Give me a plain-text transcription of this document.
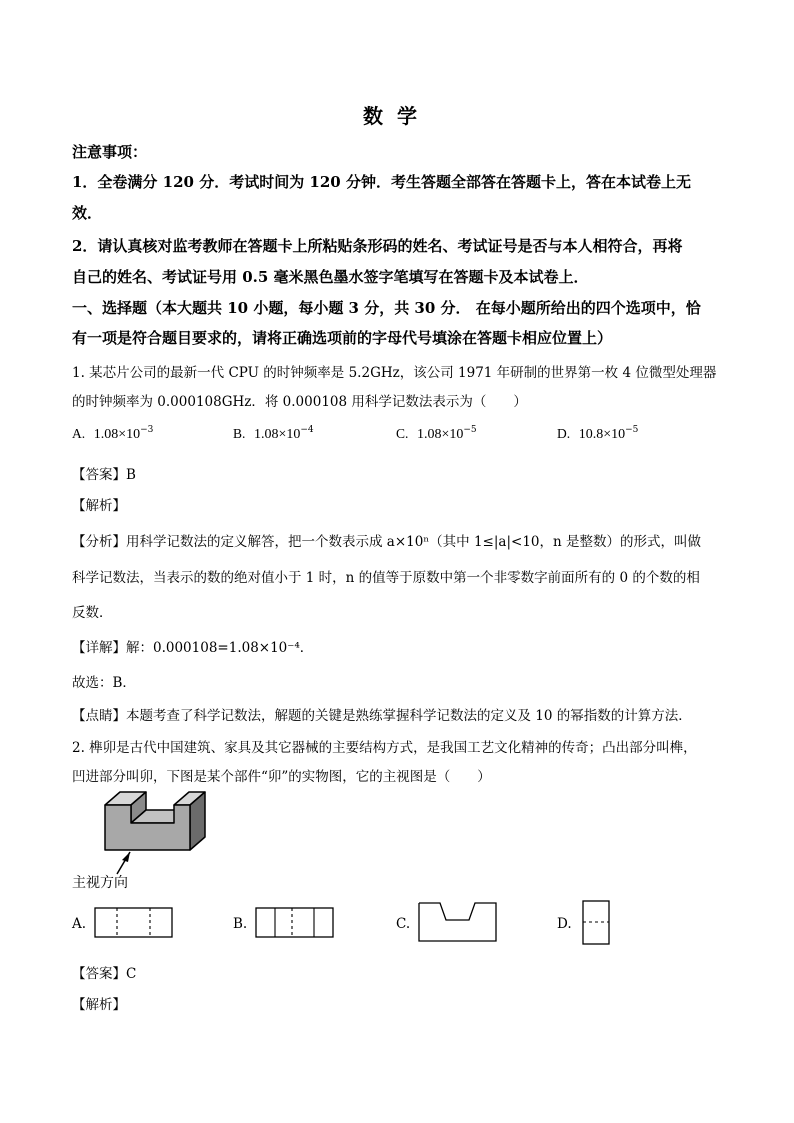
数学
注意事项：
1．全卷满分 120 分．考试时间为 120 分钟．考生答题全部答在答题卡上，答在本试卷上无
效．
2．请认真核对监考教师在答题卡上所粘贴条形码的姓名、考试证号是否与本人相符合，再将
自己的姓名、考试证号用 0.5 毫米黑色墨水签字笔填写在答题卡及本试卷上．
一、选择题（本大题共 10 小题，每小题 3 分，共 30 分． 在每小题所给出的四个选项中，恰
有一项是符合题目要求的，请将正确选项前的字母代号填涂在答题卡相应位置上）
1. 某芯片公司的最新一代 CPU 的时钟频率是 5.2GHz，该公司 1971 年研制的世界第一枚 4 位微型处理器
的时钟频率为 0.000108GHz．将 0.000108 用科学记数法表示为（　　）
A. $1.08\times 10^{-3}$	B. $1.08\times 10^{-4}$	C. $1.08\times 10^{-5}$	D. $10.8\times 10^{-5}$
【答案】B
【解析】
【分析】用科学记数法的定义解答，把一个数表示成 a×10ⁿ（其中 1≤|a|<10，n 是整数）的形式，叫做
科学记数法，当表示的数的绝对值小于 1 时，n 的值等于原数中第一个非零数字前面所有的 0 的个数的相
反数．
【详解】解：0.000108=1.08×10⁻⁴．
故选：B．
【点睛】本题考查了科学记数法，解题的关键是熟练掌握科学记数法的定义及 10 的幂指数的计算方法．
2. 榫卯是古代中国建筑、家具及其它器械的主要结构方式，是我国工艺文化精神的传奇；凸出部分叫榫，
凹进部分叫卯，下图是某个部件“卯”的实物图，它的主视图是（　　）
主视方向
A.	B.	C.	D.
【答案】C
【解析】
